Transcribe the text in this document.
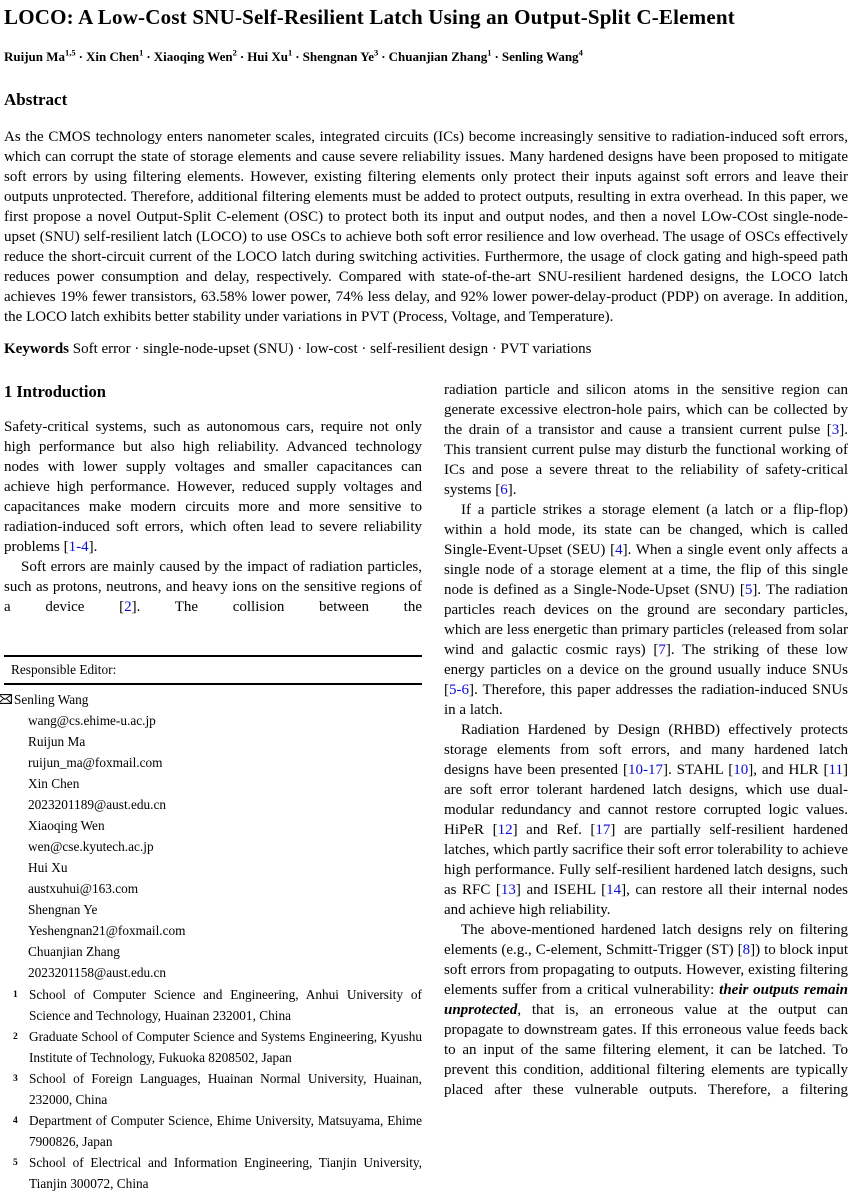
LOCO: A Low-Cost SNU-Self-Resilient Latch Using an Output-Split C-Element
Ruijun Ma$^{1,5}$ · Xin Chen$^1$ · Xiaoqing Wen$^2$ · Hui $Xu^1$ · Shengnan $Ye^3$ · Chuanjian Zhang$^1$ · Senling Wang$^4$
Abstract

As the CMOS technology enters nanometer scales, integrated circuits (ICs) become increasingly sensitive to radiation-induced soft errors, which can corrupt the state of storage elements and cause severe reliability issues. Many hardened designs have been proposed to mitigate soft errors by using filtering elements. However, existing filtering elements only protect their inputs against soft errors and leave their outputs unprotected. Therefore, additional filtering elements must be added to protect outputs, resulting in extra overhead. In this paper, we first propose a novel Output-Split C-element (OSC) to protect both its input and output nodes, and then a novel LOw-COst single-node-upset (SNU) self-resilient latch (LOCO) to use OSCs to achieve both soft error resilience and low overhead. The usage of OSCs effectively reduce the short-circuit current of the LOCO latch during switching activities. Furthermore, the usage of clock gating and high-speed path reduces power consumption and delay, respectively. Compared with state-of-the-art SNU-resilient hardened designs, the LOCO latch achieves 19% fewer transistors, 63.58% lower power, 74% less delay, and 92% lower power-delay-product (PDP) on average. In addition, the LOCO latch exhibits better stability under variations in PVT (Process, Voltage, and Temperature).

Keywords Soft error · single-node-upset (SNU) · low-cost · self-resilient design · PVT variations

1 Introduction

Safety-critical systems, such as autonomous cars, require not only high performance but also high reliability. Advanced technology nodes with lower supply voltages and smaller capacitances can achieve high performance. However, reduced supply voltages and capacitances make modern circuits more and more sensitive to radiation-induced soft errors, which often lead to severe reliability problems [1-4].

Soft errors are mainly caused by the impact of radiation particles, such as protons, neutrons, and heavy ions on the sensitive regions of a device [2]. The collision between the

Responsible Editor:
Senling Wang
wang@cs.ehime-u.ac.jp
Ruijun Ma
ruijun_ma@foxmail.com
Xin Chen
2023201189@aust.edu.cn
Xiaoqing Wen
wen@cse.kyutech.ac.jp
Hui Xu
austxuhui@163.com
Shengnan Ye
Yeshengnan21@foxmail.com
Chuanjian Zhang
2023201158@aust.edu.cn
1 School of Computer Science and Engineering, Anhui University of Science and Technology, Huainan 232001, China
2 Graduate School of Computer Science and Systems Engineering, Kyushu Institute of Technology, Fukuoka 8208502, Japan
3 School of Foreign Languages, Huainan Normal University, Huainan, 232000, China
4 Department of Computer Science, Ehime University, Matsuyama, Ehime 7900826, Japan
5 School of Electrical and Information Engineering, Tianjin University, Tianjin 300072, China

radiation particle and silicon atoms in the sensitive region can generate excessive electron-hole pairs, which can be collected by the drain of a transistor and cause a transient current pulse [3]. This transient current pulse may disturb the functional working of ICs and pose a severe threat to the reliability of safety-critical systems [6].

If a particle strikes a storage element (a latch or a flip-flop) within a hold mode, its state can be changed, which is called Single-Event-Upset (SEU) [4]. When a single event only affects a single node of a storage element at a time, the flip of this single node is defined as a Single-Node-Upset (SNU) [5]. The radiation particles reach devices on the ground are secondary particles, which are less energetic than primary particles (released from solar wind and galactic cosmic rays) [7]. The striking of these low energy particles on a device on the ground usually induce SNUs [5-6]. Therefore, this paper addresses the radiation-induced SNUs in a latch.

Radiation Hardened by Design (RHBD) effectively protects storage elements from soft errors, and many hardened latch designs have been presented [10-17]. STAHL [10], and HLR [11] are soft error tolerant hardened latch designs, which use dual-modular redundancy and cannot restore corrupted logic values. HiPeR [12] and Ref. [17] are partially self-resilient hardened latches, which partly sacrifice their soft error tolerability to achieve high performance. Fully self-resilient hardened latch designs, such as RFC [13] and ISEHL [14], can restore all their internal nodes and achieve high reliability.

The above-mentioned hardened latch designs rely on filtering elements (e.g., C-element, Schmitt-Trigger (ST) [8]) to block input soft errors from propagating to outputs. However, existing filtering elements suffer from a critical vulnerability: their outputs remain unprotected, that is, an erroneous value at the output can propagate to downstream gates. If this erroneous value feeds back to an input of the same filtering element, it can be latched. To prevent this condition, additional filtering elements are typically placed after these vulnerable outputs. Therefore, a filtering
